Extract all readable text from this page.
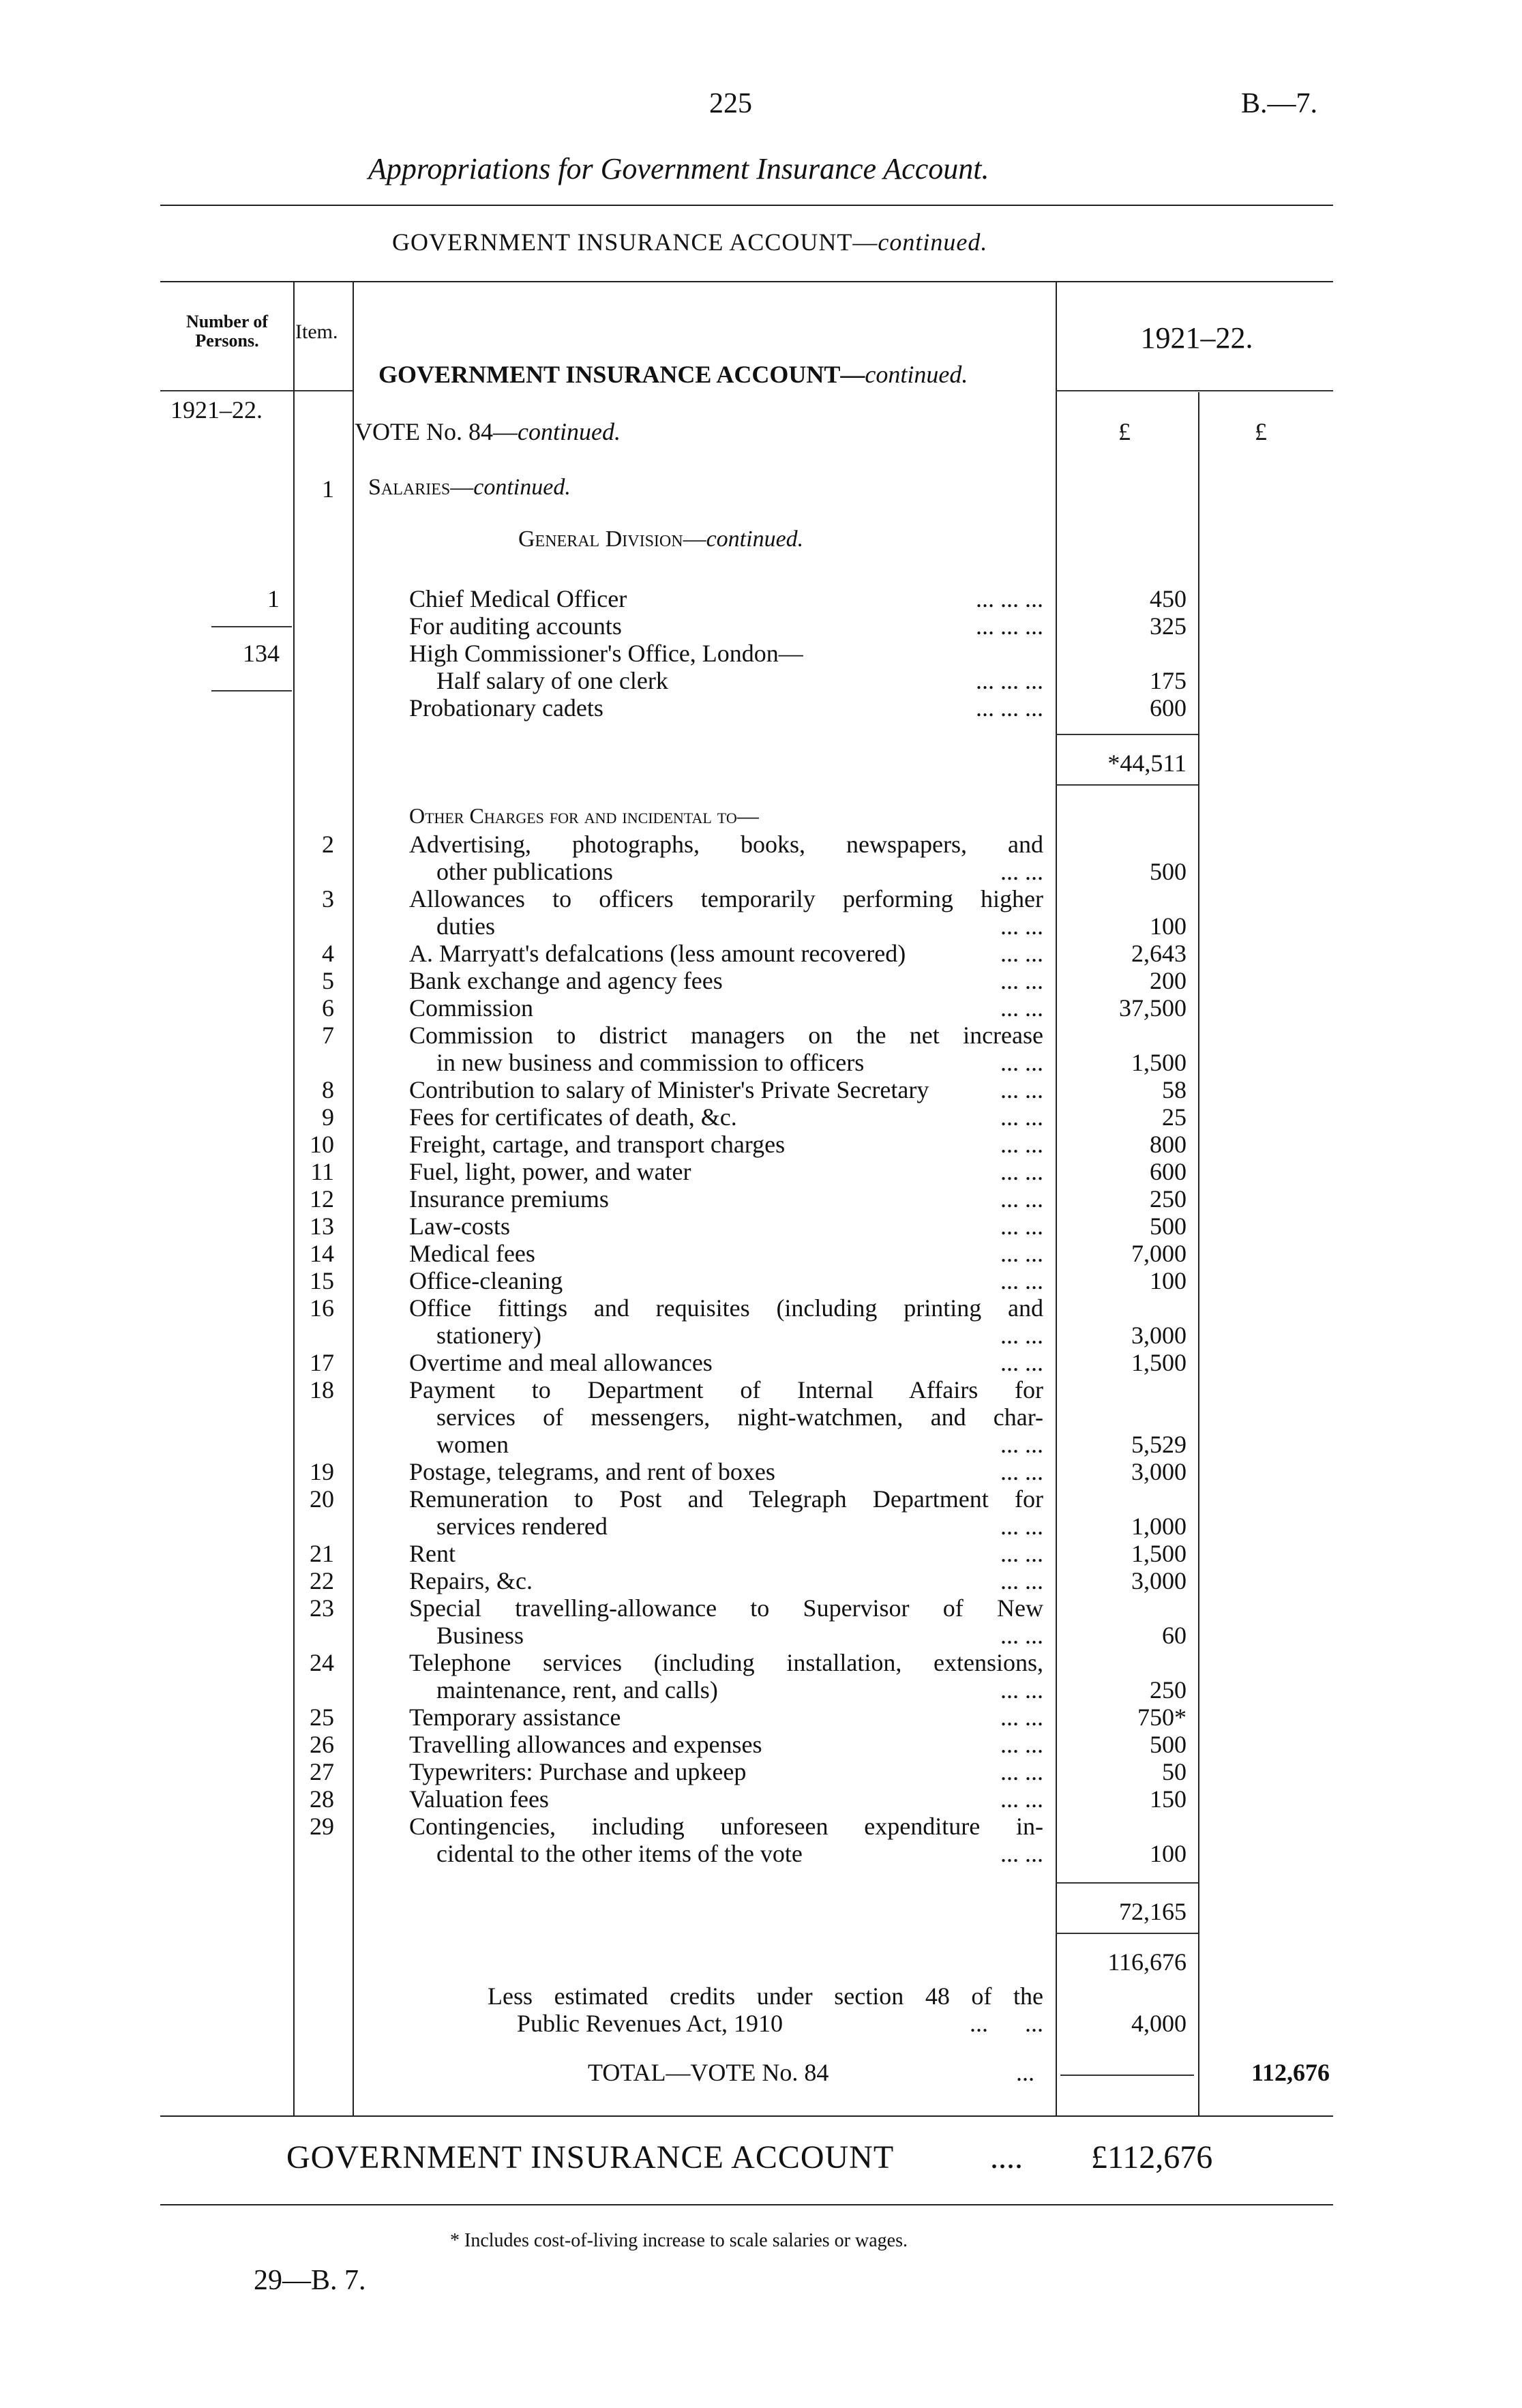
225	B.—7.
Appropriations for Government Insurance Account.
GOVERNMENT INSURANCE ACCOUNT—continued.
Number of Persons.	Item.	1921–22.
1921–22.
GOVERNMENT INSURANCE ACCOUNT—continued.
VOTE No. 84—continued.	£	£
1 Salaries—continued.
General Division—continued.
1	Chief Medical Officer	... ... ...	450
For auditing accounts	... ... ...	325
134	High Commissioner's Office, London—
Half salary of one clerk	... ... ...	175
Probationary cadets	... ... ...	600
*44,511
Other Charges for and incidental to—
2	Advertising, photographs, books, newspapers, and
other publications	... ...	500
3	Allowances to officers temporarily performing higher
duties	... ...	100
4	A. Marryatt's defalcations (less amount recovered)	... ...	2,643
5	Bank exchange and agency fees	... ...	200
6	Commission	... ...	37,500
7	Commission to district managers on the net increase
in new business and commission to officers	... ...	1,500
8	Contribution to salary of Minister's Private Secretary	... ...	58
9	Fees for certificates of death, &c.	... ...	25
10	Freight, cartage, and transport charges	... ...	800
11	Fuel, light, power, and water	... ...	600
12	Insurance premiums	... ...	250
13	Law-costs	... ...	500
14	Medical fees	... ...	7,000
15	Office-cleaning	... ...	100
16	Office fittings and requisites (including printing and
stationery)	... ...	3,000
17	Overtime and meal allowances	... ...	1,500
18	Payment to Department of Internal Affairs for
services of messengers, night-watchmen, and char-
women	... ...	5,529
19	Postage, telegrams, and rent of boxes	... ...	3,000
20	Remuneration to Post and Telegraph Department for
services rendered	... ...	1,000
21	Rent	... ...	1,500
22	Repairs, &c.	... ...	3,000
23	Special travelling-allowance to Supervisor of New
Business	... ...	60
24	Telephone services (including installation, extensions,
maintenance, rent, and calls)	... ...	250
25	Temporary assistance	... ...	750*
26	Travelling allowances and expenses	... ...	500
27	Typewriters: Purchase and upkeep	... ...	50
28	Valuation fees	... ...	150
29	Contingencies, including unforeseen expenditure in-
cidental to the other items of the vote	... ...	100
72,165
116,676
Less estimated credits under section 48 of the
Public Revenues Act, 1910	...      ...	4,000
TOTAL—VOTE No. 84	...	112,676
GOVERNMENT INSURANCE ACCOUNT	.... £112,676
* Includes cost-of-living increase to scale salaries or wages.
29—B. 7.
